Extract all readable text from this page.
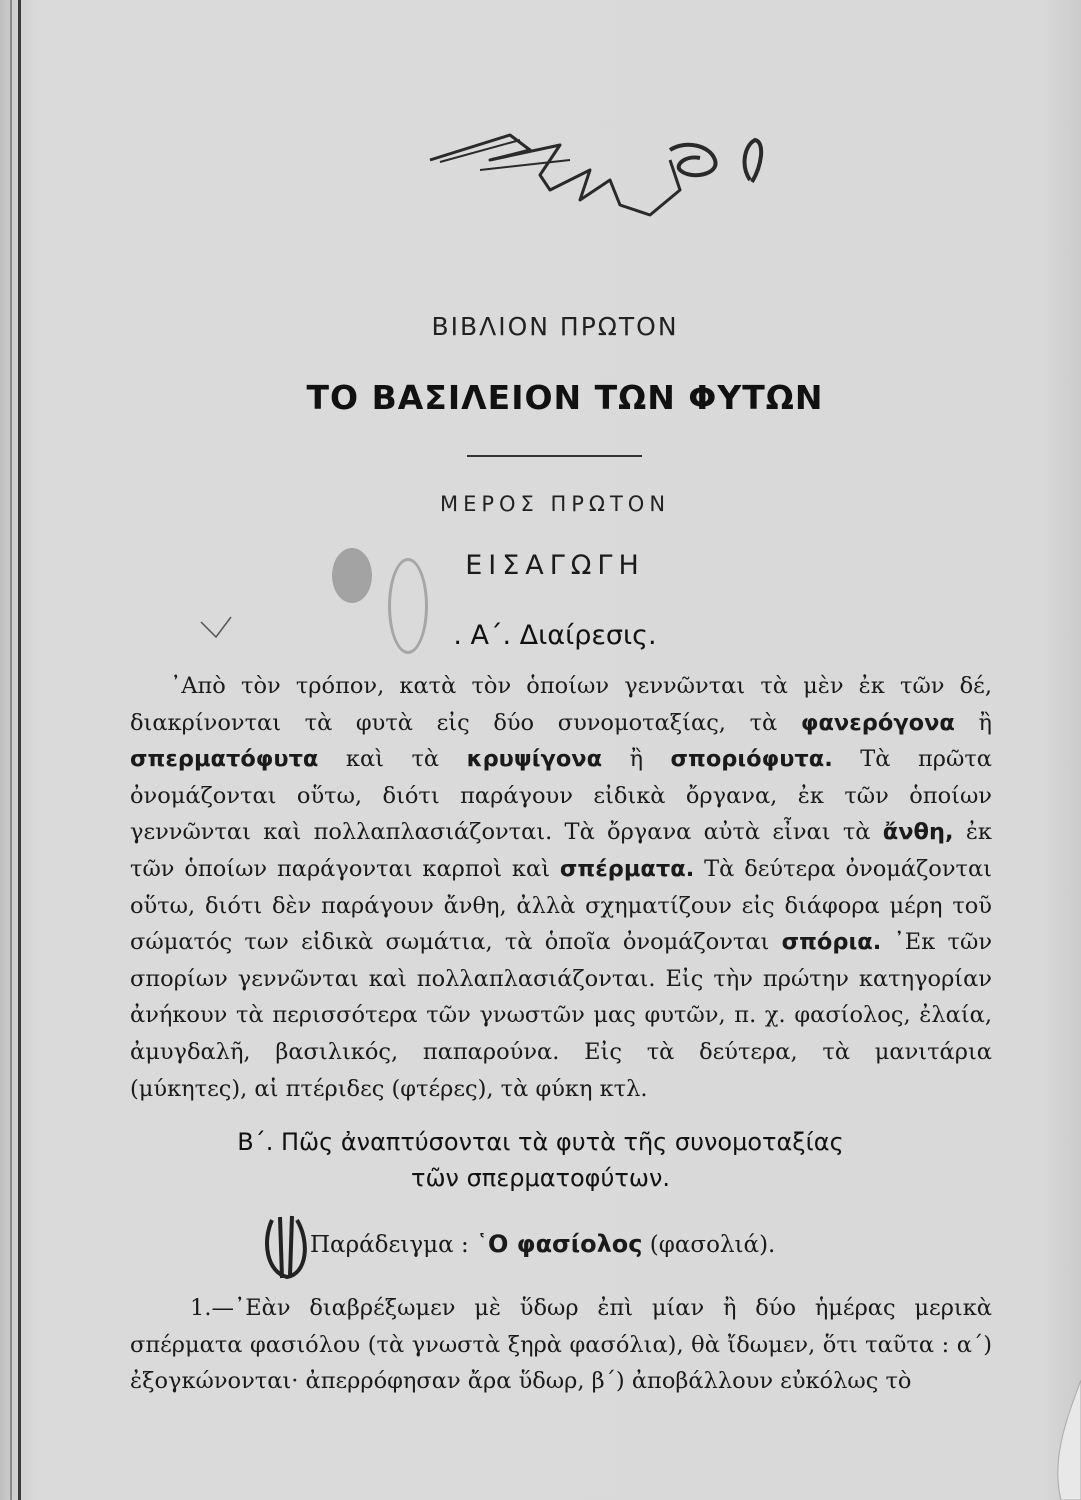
ΒΙΒΛΙΟΝ ΠΡΩΤΟΝ
ΤΟ ΒΑΣΙΛΕΙΟΝ ΤΩΝ ΦΥΤΩΝ
ΜΕΡΟΣ ΠΡΩΤΟΝ
ΕΙΣΑΓΩΓΗ
. Α΄. Διαίρεσις.

᾿Απὸ τὸν τρόπον, κατὰ τὸν ὁποίων γεννῶνται τὰ μὲν ἐκ τῶν δέ, διακρίνονται τὰ φυτὰ εἰς δύο συνομοταξίας, τὰ φανερόγονα ἢ σπερματόφυτα καὶ τὰ κρυψίγονα ἢ σποριόφυτα. Τὰ πρῶτα ὀνομάζονται οὕτω, διότι παράγουν εἰδικὰ ὄργανα, ἐκ τῶν ὁποίων γεννῶνται καὶ πολλαπλασιάζονται. Τὰ ὄργανα αὐτὰ εἶναι τὰ ἄνθη, ἐκ τῶν ὁποίων παράγονται καρποὶ καὶ σπέρματα. Τὰ δεύτερα ὀνομάζονται οὕτω, διότι δὲν παράγουν ἄνθη, ἀλλὰ σχηματίζουν εἰς διάφορα μέρη τοῦ σώματός των εἰδικὰ σωμάτια, τὰ ὁποῖα ὀνομάζονται σπόρια. ᾿Εκ τῶν σπορίων γεννῶνται καὶ πολλαπλασιάζονται. Εἰς τὴν πρώτην κατηγορίαν ἀνήκουν τὰ περισσότερα τῶν γνωστῶν μας φυτῶν, π. χ. φασίολος, ἐλαία, ἀμυγδαλῆ, βασιλικός, παπαρούνα. Εἰς τὰ δεύτερα, τὰ μανιτάρια (μύκητες), αἱ πτέριδες (φτέρες), τὰ φύκη κτλ.

Β΄. Πῶς ἀναπτύσονται τὰ φυτὰ τῆς συνομοταξίας
τῶν σπερματοφύτων.
Παράδειγμα : ῾Ο φασίολος (φασολιά).

1.—᾿Εὰν διαβρέξωμεν μὲ ὕδωρ ἐπὶ μίαν ἢ δύο ἡμέρας μερικὰ σπέρματα φασιόλου (τὰ γνωστὰ ξηρὰ φασόλια), θὰ ἴδωμεν, ὅτι ταῦτα : α΄) ἐξογκώνονται· ἀπερρόφησαν ἄρα ὕδωρ, β΄) ἀποβάλλουν εὐκόλως τὸ
